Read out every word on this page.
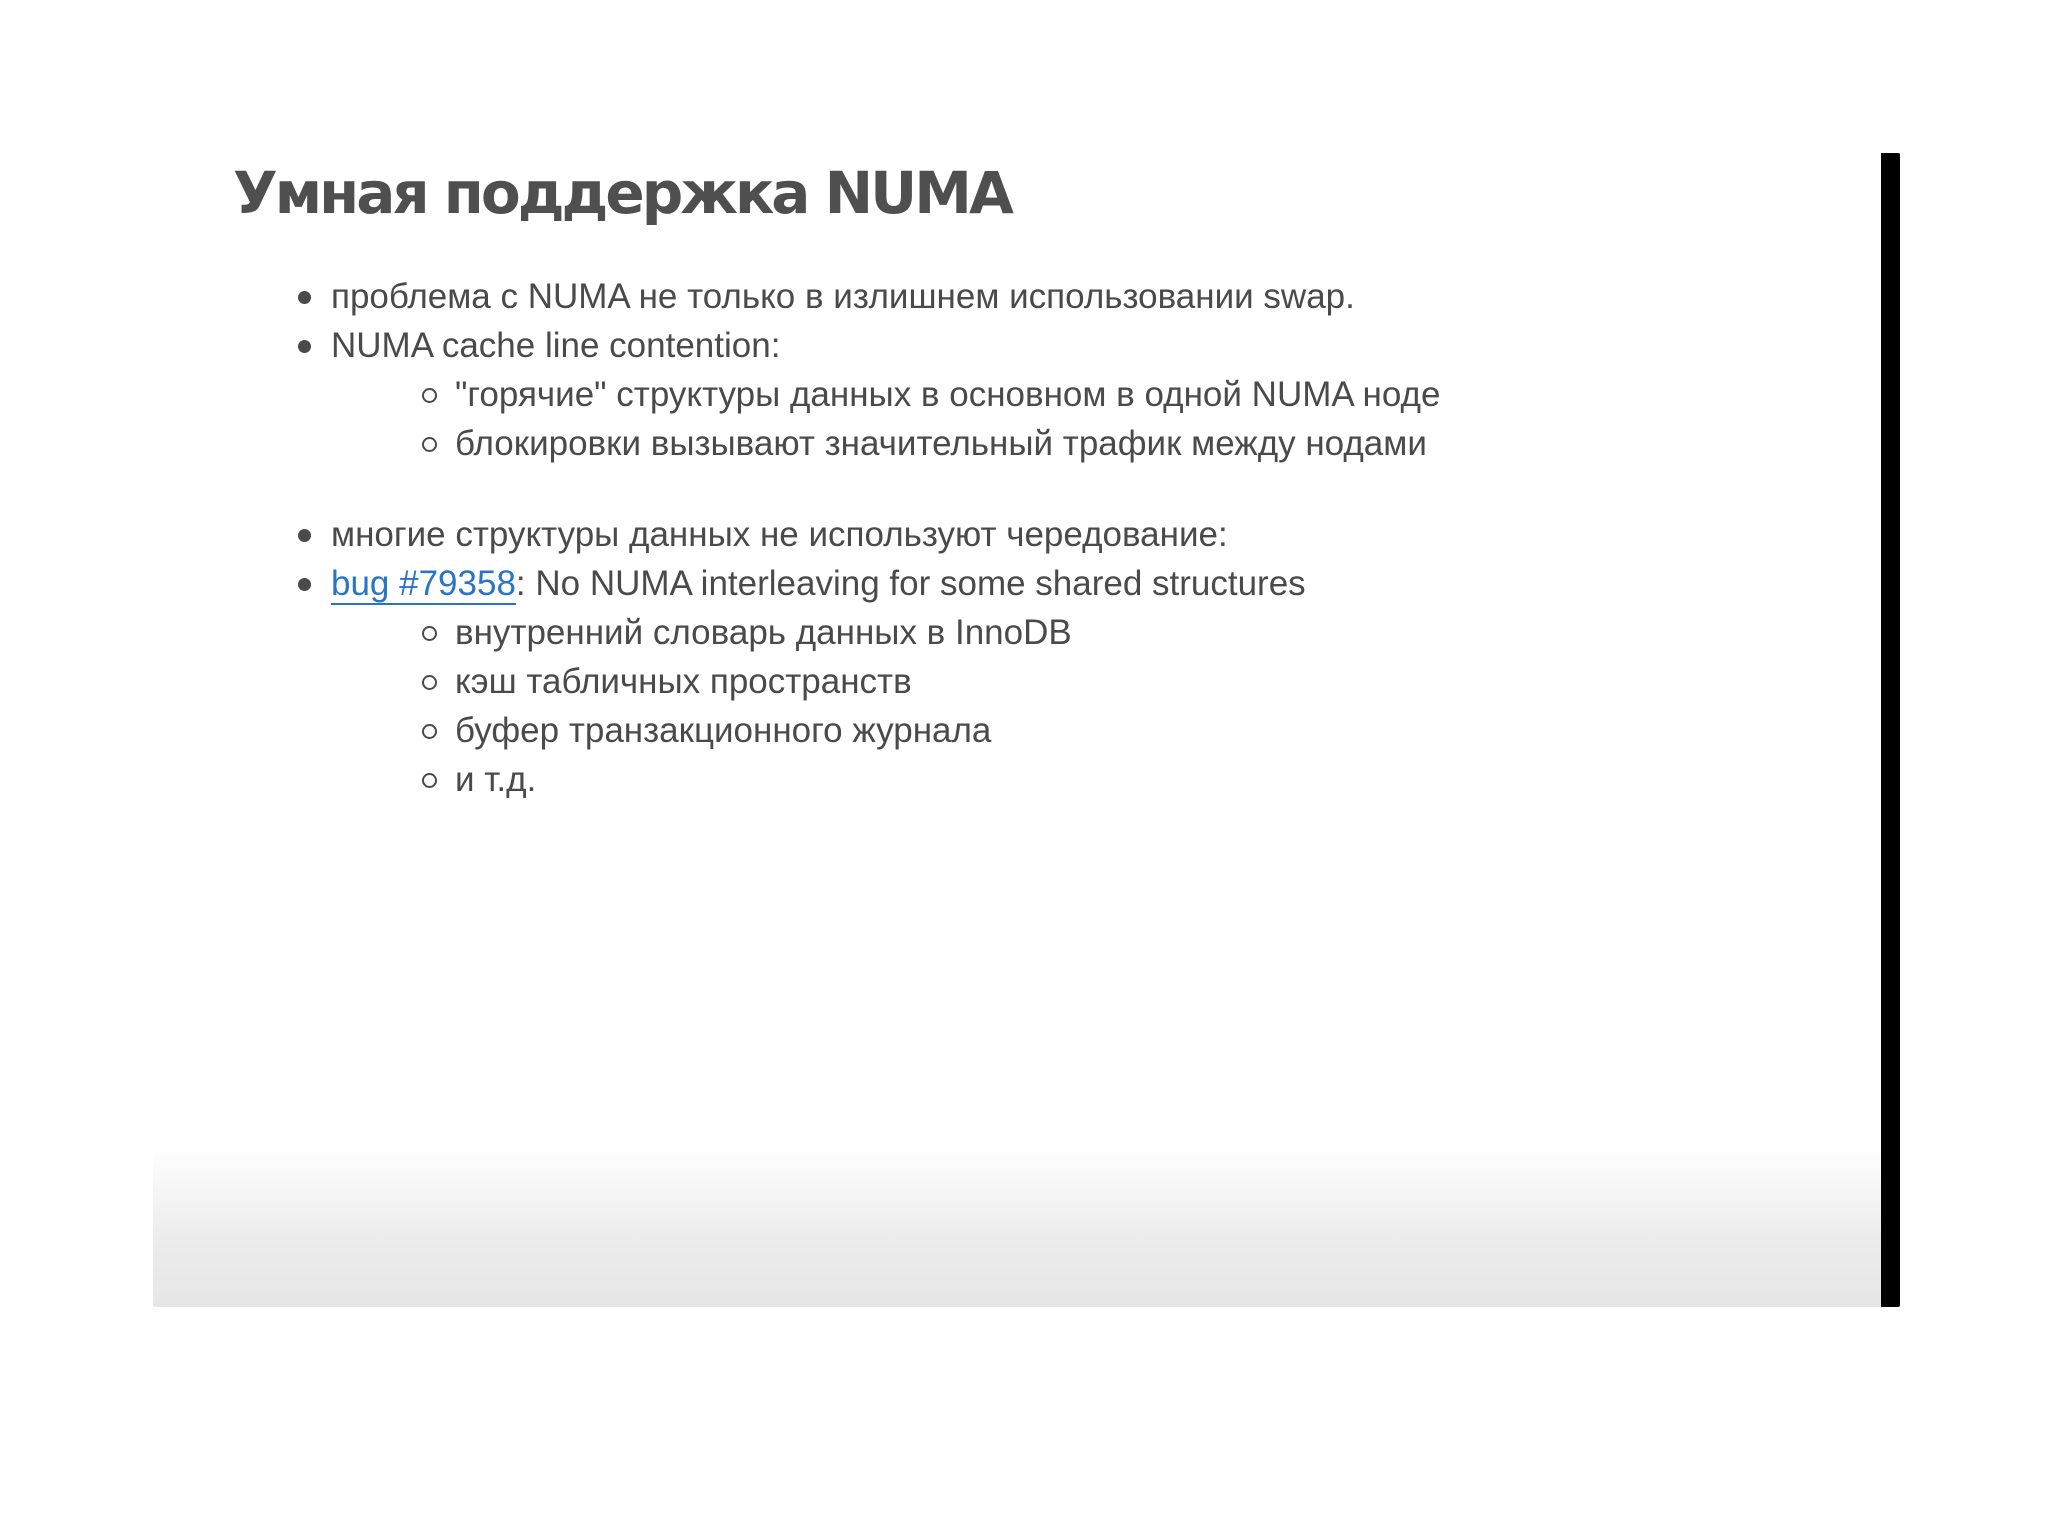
Умная поддержка NUMA
проблема с NUMA не только в излишнем использовании swap.
NUMA cache line contention:
"горячие" структуры данных в основном в одной NUMA ноде
блокировки вызывают значительный трафик между нодами
многие структуры данных не используют чередование:
bug #79358: No NUMA interleaving for some shared structures
внутренний словарь данных в InnoDB
кэш табличных пространств
буфер транзакционного журнала
и т.д.
